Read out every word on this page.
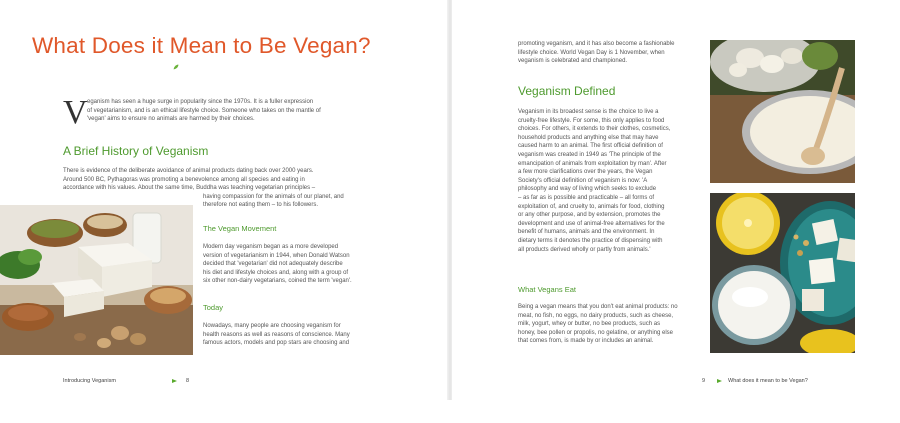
What Does it Mean to Be Vegan?
V eganism has seen a huge surge in popularity since the 1970s. It is a fuller expression
of vegetarianism, and is an ethical lifestyle choice. Someone who takes on the mantle of
'vegan' aims to ensure no animals are harmed by their choices.
A Brief History of Veganism
There is evidence of the deliberate avoidance of animal products dating back over 2000 years.
Around 500 BC, Pythagoras was promoting a benevolence among all species and eating in
accordance with his values. About the same time, Buddha was teaching vegetarian principles –
having compassion for the animals of our planet, and
therefore not eating them – to his followers.
The Vegan Movement
Modern day veganism began as a more developed
version of vegetarianism in 1944, when Donald Watson
decided that 'vegetarian' did not adequately describe
his diet and lifestyle choices and, along with a group of
six other non-dairy vegetarians, coined the term 'vegan'.
Today
Nowadays, many people are choosing veganism for
health reasons as well as reasons of conscience. Many
famous actors, models and pop stars are choosing and
Introducing Veganism	8
promoting veganism, and it has also become a fashionable
lifestyle choice. World Vegan Day is 1 November, when
veganism is celebrated and championed.
Veganism Defined
Veganism in its broadest sense is the choice to live a
cruelty-free lifestyle. For some, this only applies to food
choices. For others, it extends to their clothes, cosmetics,
household products and anything else that may have
caused harm to an animal. The first official definition of
veganism was created in 1949 as 'The principle of the
emancipation of animals from exploitation by man'. After
a few more clarifications over the years, the Vegan
Society's official definition of veganism is now: 'A
philosophy and way of living which seeks to exclude
– as far as is possible and practicable – all forms of
exploitation of, and cruelty to, animals for food, clothing
or any other purpose, and by extension, promotes the
development and use of animal-free alternatives for the
benefit of humans, animals and the environment. In
dietary terms it denotes the practice of dispensing with
all products derived wholly or partly from animals.'
What Vegans Eat
Being a vegan means that you don't eat animal products: no
meat, no fish, no eggs, no dairy products, such as cheese,
milk, yogurt, whey or butter, no bee products, such as
honey, bee pollen or propolis, no gelatine, or anything else
that comes from, is made by or includes an animal.
9	What does it mean to be Vegan?
